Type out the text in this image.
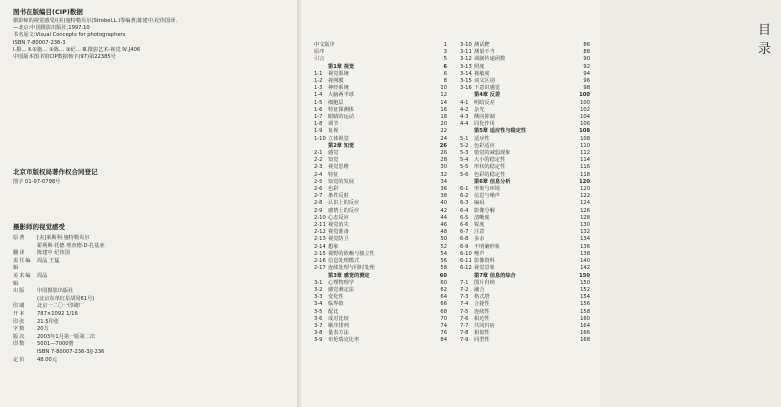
图书在版编目(CIP)数据
摄影师的视觉感受/(美)施特勒贝尔(Strobel,L.)等编著;陈建中,纪伟国译.
—北京:中国摄影出版社,1997.10
书名原文:Visual Concepts for photographers
ISBN 7-80007-236-3
Ⅰ.摄… Ⅱ.①施… ②陈… ③纪… Ⅲ.摄影艺术-视觉 Ⅳ.J406
中国版本图书馆CIP数据核字(97)第22385号
北京市版权局著作权合同登记
图字 01-97-0798号
摄影师的视觉感受
原著	[美]莱斯利·施特勒贝尔
霍利斯·托德 理查德·D·扎基亚
翻译	陈建中 纪伟国
责任编辑
周晶 王猛
美术编辑
周晶
出版	中国摄影出版社
(北京东单红星胡同61号)
印刷	北京一二〇一印刷厂
开本	787×1092 1/16
印张	21.5印张
字数	20万
版次	2003年1月第一版第二次
印数	5001—7000册
ISBN 7-80007-236-3/J·236
定价	48.00元
目录
中文版序	1
原序	3
引言	5
第1章 视觉	6
1-1	视觉系统	6
1-2	视网膜	8
1-3	神经系统	10
1-4	大脑两半球	12
1-5	细胞层	14
1-6	特征探测体	16
1-7	眼睛的运动	18
1-8	调节	20
1-9	复视	22
1-10 立体视觉	24
第2章 知觉	26
2-1	感觉	26
2-2	知觉	28
2-3	视觉思维	30
2-4	特征	32
2-5	知觉的发展	34
2-6	色彩	36
2-7	条件反射	38
2-8	认识上的反应	40
2-9	感情上的反应	42
2-10 心态反应	44
2-11 视觉消失	46
2-12 视觉准备	48
2-13 视觉防卫	50
2-14 想象	52
2-15 视野的依赖与独立性	54
2-16 信息处理模式	56
2-17 连续处理与同时处理	58
第3章 感觉的测定	60
3-1	心理物理学	60
3-2	感觉测定法	62
3-3	变化性	64
3-4	临界值	66
3-5	配比	68
3-6	成对比较	70
3-7	顺序排列	74
3-8	量表方法	76
3-9	布伦瑞克比率	84
3-10 测试靶	86
3-11 测量不当	88
3-12 调制传递函数	90
3-13 照度	92
3-14 视敏度	94
3-15 词义区别	96
3-16 下意识感觉	98
第4章 反差	100
4-1	明暗反差	100
4-2	杂光	102
4-3	侧向抑制	104
4-4	同化作用	106
第5章 适应性与稳定性	108
5-1	适应性	108
5-2	色彩适应	110
5-3	错觉的减弱现象	112
5-4	大小的稳定性	114
5-5	形状的稳定性	116
5-6	色彩的稳定性	118
第6章 信息分析	120
6-1	形象与环境	120
6-2	信息与噪声	122
6-3	编码	124
6-4	影像分解	126
6-5	清晰度	128
6-6	锐度	130
6-7	注意	132
6-8	多余	134
6-9	不明确形象	136
6-10 噪声	138
6-11 影像资料	140
6-12 视觉景象	142
第7章 信息的综合	150
7-1	图片归纳	150
7-2	融合	152
7-3	格式塔	154
7-4	合拢性	156
7-5	连续性	158
7-6	相近性	160
7-7	共同归宿	164
7-8	相似性	166
7-9	同型性	168
